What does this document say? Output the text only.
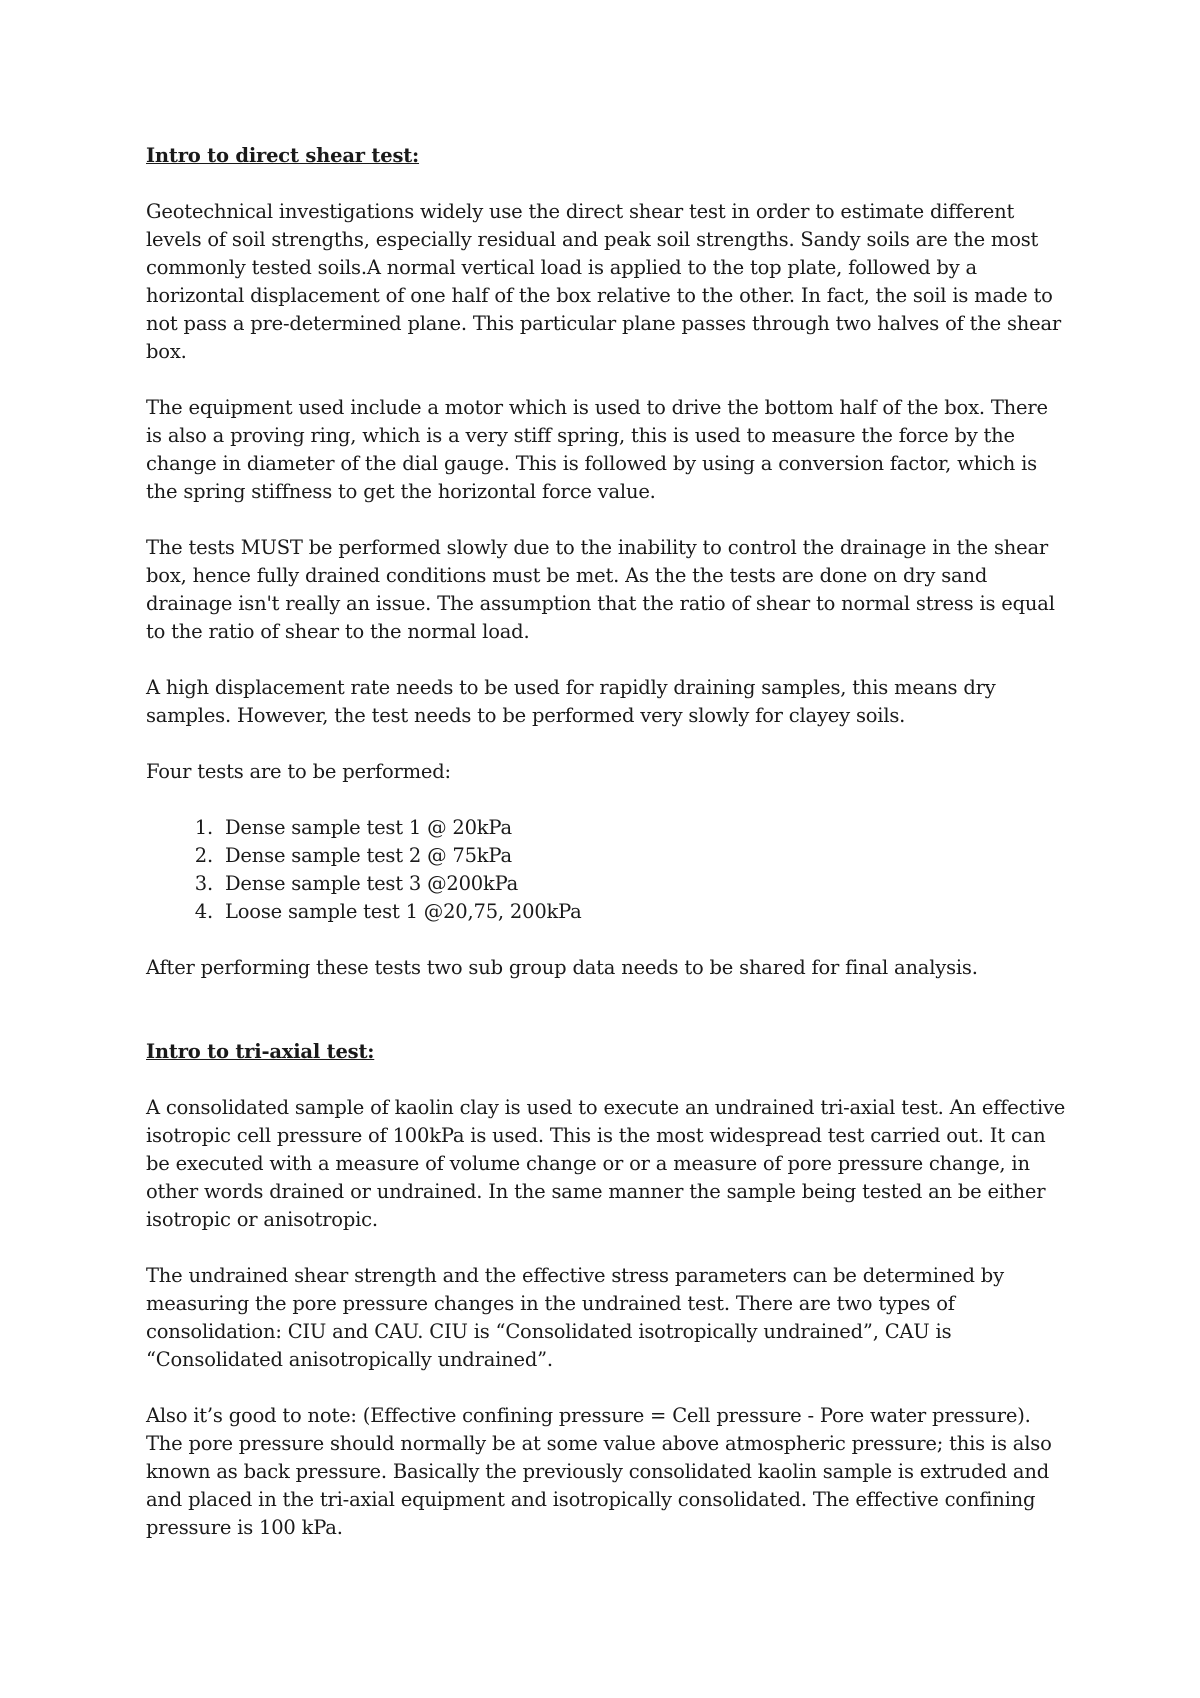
Intro to direct shear test:

Geotechnical investigations widely use the direct shear test in order to estimate different levels of soil strengths, especially residual and peak soil strengths. Sandy soils are the most commonly tested soils.A normal vertical load is applied to the top plate, followed by a horizontal displacement of one half of the box relative to the other. In fact, the soil is made to not pass a pre-determined plane. This particular plane passes through two halves of the shear box.

The equipment used include a motor which is used to drive the bottom half of the box. There is also a proving ring, which is a very stiff spring, this is used to measure the force by the change in diameter of the dial gauge. This is followed by using a conversion factor, which is the spring stiffness to get the horizontal force value.

The tests MUST be performed slowly due to the inability to control the drainage in the shear box, hence fully drained conditions must be met. As the the tests are done on dry sand drainage isn't really an issue. The assumption that the ratio of shear to normal stress is equal to the ratio of shear to the normal load.

A high displacement rate needs to be used for rapidly draining samples, this means dry samples. However, the test needs to be performed very slowly for clayey soils.

Four tests are to be performed:

1. Dense sample test 1 @ 20kPa
2. Dense sample test 2 @ 75kPa
3. Dense sample test 3 @200kPa
4. Loose sample test 1 @20,75, 200kPa

After performing these tests two sub group data needs to be shared for final analysis.

Intro to tri-axial test:

A consolidated sample of kaolin clay is used to execute an undrained tri-axial test. An effective isotropic cell pressure of 100kPa is used. This is the most widespread test carried out. It can be executed with a measure of volume change or or a measure of pore pressure change, in other words drained or undrained. In the same manner the sample being tested an be either isotropic or anisotropic.

The undrained shear strength and the effective stress parameters can be determined by measuring the pore pressure changes in the undrained test. There are two types of consolidation: CIU and CAU. CIU is “Consolidated isotropically undrained”, CAU is “Consolidated anisotropically undrained”.

Also it’s good to note: (Effective confining pressure = Cell pressure - Pore water pressure). The pore pressure should normally be at some value above atmospheric pressure; this is also known as back pressure. Basically the previously consolidated kaolin sample is extruded and and placed in the tri-axial equipment and isotropically consolidated. The effective confining pressure is 100 kPa.
